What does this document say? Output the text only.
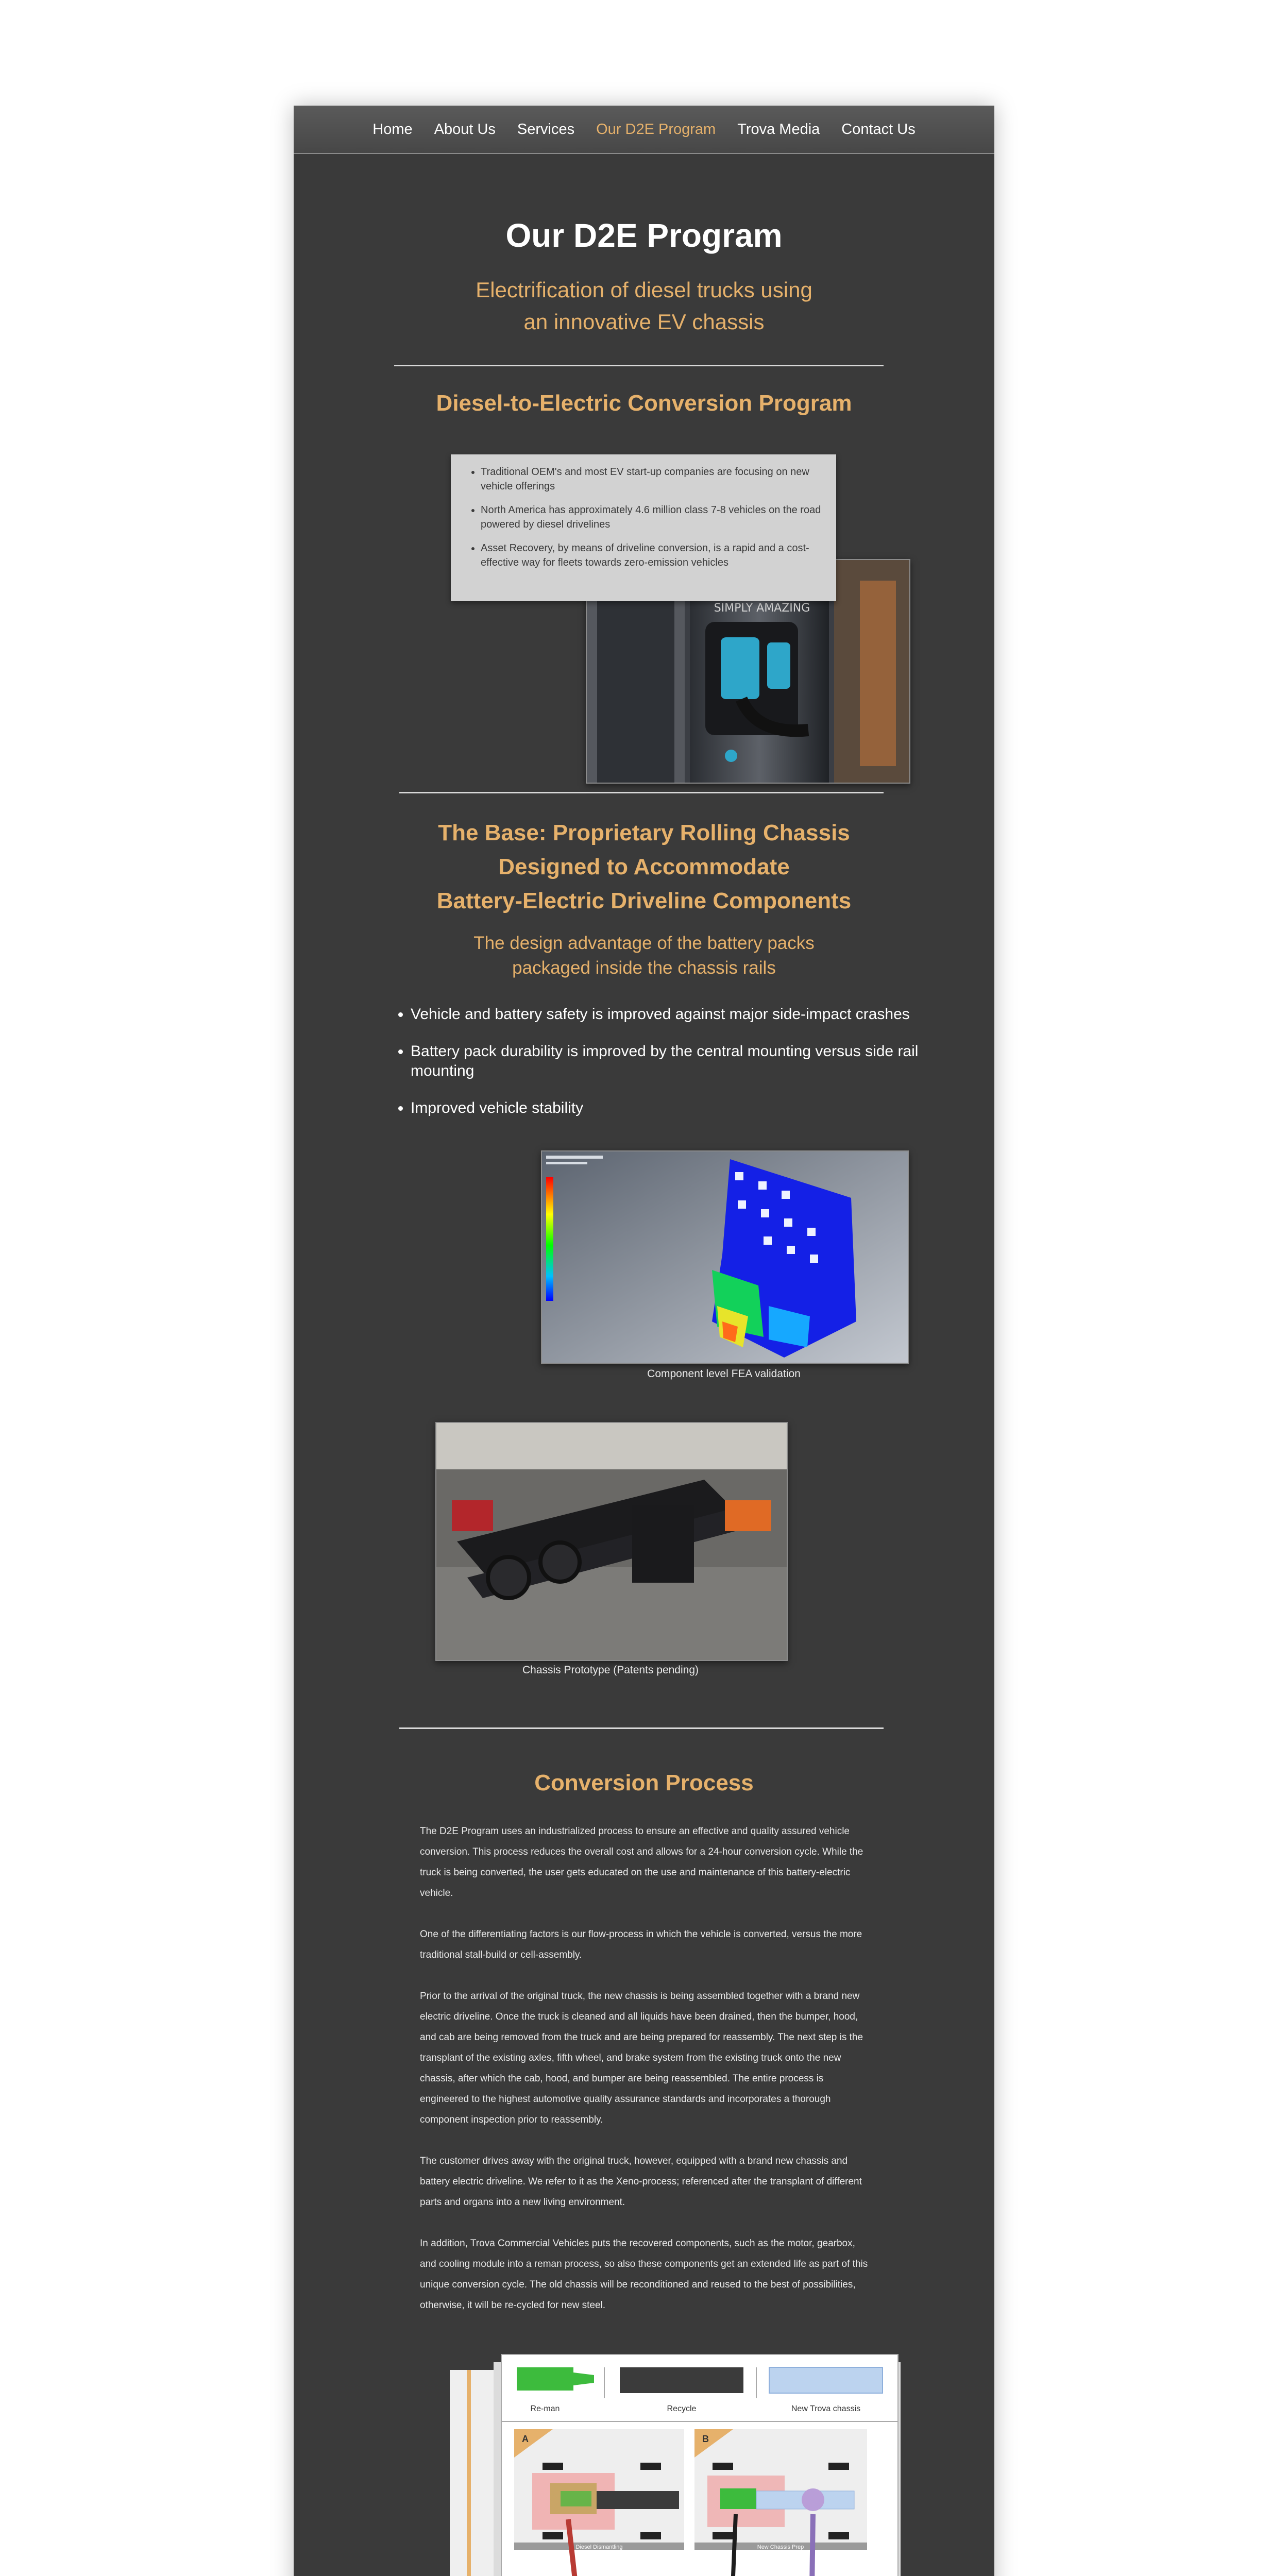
Home About Us Services Our D2E Program Trova Media Contact Us
Our D2E Program
Electrification of diesel trucks using
an innovative EV chassis
Diesel-to-Electric Conversion Program
• Traditional OEM's and most EV start-up companies are focusing on new vehicle offerings
• North America has approximately 4.6 million class 7-8 vehicles on the road powered by diesel drivelines
• Asset Recovery, by means of driveline conversion, is a rapid and a cost-effective way for fleets towards zero-emission vehicles
SIMPLY AMAZING
The Base: Proprietary Rolling Chassis
Designed to Accommodate
Battery-Electric Driveline Components
The design advantage of the battery packs
packaged inside the chassis rails
• Vehicle and battery safety is improved against major side-impact crashes
• Battery pack durability is improved by the central mounting versus side rail mounting
• Improved vehicle stability
Component level FEA validation
Chassis Prototype (Patents pending)
Conversion Process

The D2E Program uses an industrialized process to ensure an effective and quality assured vehicle conversion. This process reduces the overall cost and allows for a 24-hour conversion cycle. While the truck is being converted, the user gets educated on the use and maintenance of this battery-electric vehicle.

One of the differentiating factors is our flow-process in which the vehicle is converted, versus the more traditional stall-build or cell-assembly.

Prior to the arrival of the original truck, the new chassis is being assembled together with a brand new electric driveline. Once the truck is cleaned and all liquids have been drained, then the bumper, hood, and cab are being removed from the truck and are being prepared for reassembly. The next step is the transplant of the existing axles, fifth wheel, and brake system from the existing truck onto the new chassis, after which the cab, hood, and bumper are being reassembled. The entire process is engineered to the highest automotive quality assurance standards and incorporates a thorough component inspection prior to reassembly.

The customer drives away with the original truck, however, equipped with a brand new chassis and battery electric driveline. We refer to it as the Xeno-process; referenced after the transplant of different parts and organs into a new living environment.

In addition, Trova Commercial Vehicles puts the recovered components, such as the motor, gearbox, and cooling module into a reman process, so also these components get an extended life as part of this unique conversion cycle. The old chassis will be reconditioned and reused to the best of possibilities, otherwise, it will be re-cycled for new steel.

Re-man	Recycle	New Trova chassis
A
Diesel Dismantling
B
New Chassis Prep
